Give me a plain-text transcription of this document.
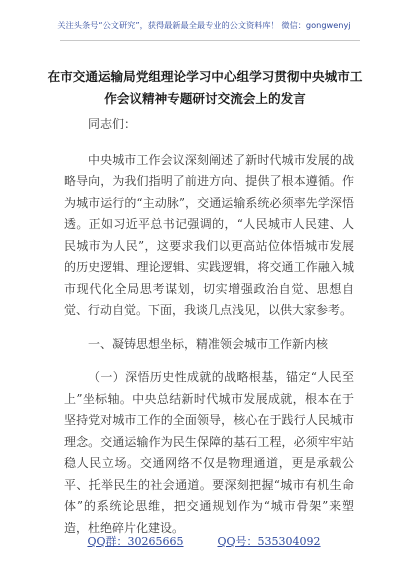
关注头条号“公文研究”，获得最新最全最专业的公文资料库！ 微信：gongwenyj
在市交通运输局党组理论学习中心组学习贯彻中央城市工
作会议精神专题研讨交流会上的发言

同志们：

中央城市工作会议深刻阐述了新时代城市发展的战略导向，为我们指明了前进方向、提供了根本遵循。作为城市运行的“主动脉”，交通运输系统必须率先学深悟透。正如习近平总书记强调的，“人民城市人民建、人民城市为人民”，这要求我们以更高站位体悟城市发展的历史逻辑、理论逻辑、实践逻辑，将交通工作融入城市现代化全局思考谋划，切实增强政治自觉、思想自觉、行动自觉。下面，我谈几点浅见，以供大家参考。

一、凝铸思想坐标，精准领会城市工作新内核

（一）深悟历史性成就的战略根基，锚定“人民至上”坐标轴。中央总结新时代城市发展成就，根本在于坚持党对城市工作的全面领导，核心在于践行人民城市理念。交通运输作为民生保障的基石工程，必须牢牢站稳人民立场。交通网络不仅是物理通道，更是承载公平、托举民生的社会通道。要深刻把握“城市有机生命体”的系统论思维，把交通规划作为“城市骨架”来塑造，杜绝碎片化建设。

QQ群：30265665	QQ号：535304092
